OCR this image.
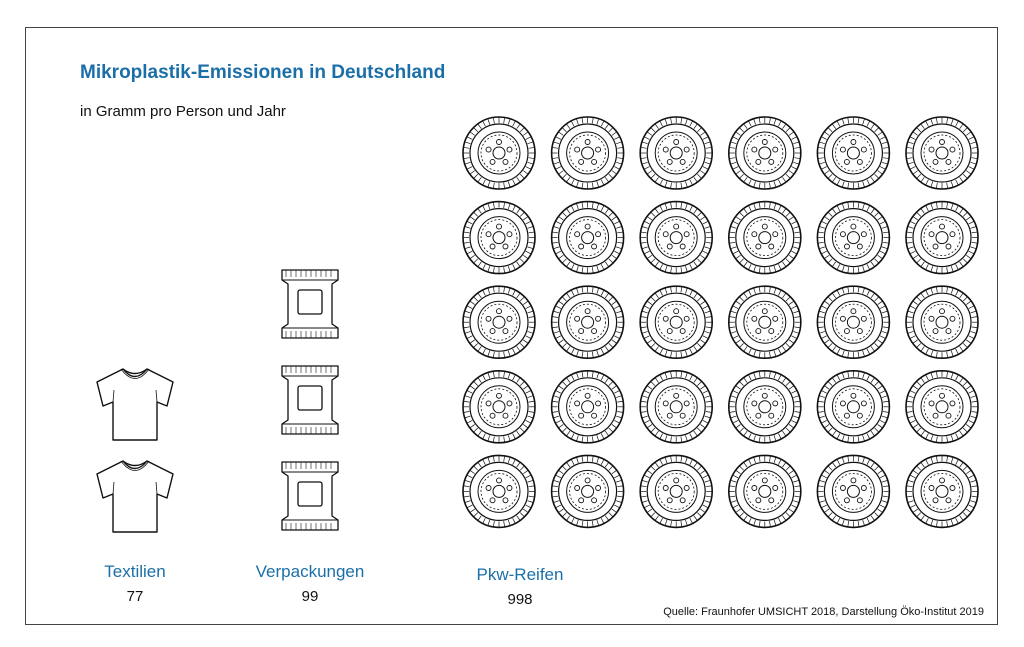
Mikroplastik-Emissionen in Deutschland
in Gramm pro Person und Jahr
Textilien
77
Verpackungen
99
Pkw-Reifen
998
Quelle: Fraunhofer UMSICHT 2018, Darstellung Öko-Institut 2019
